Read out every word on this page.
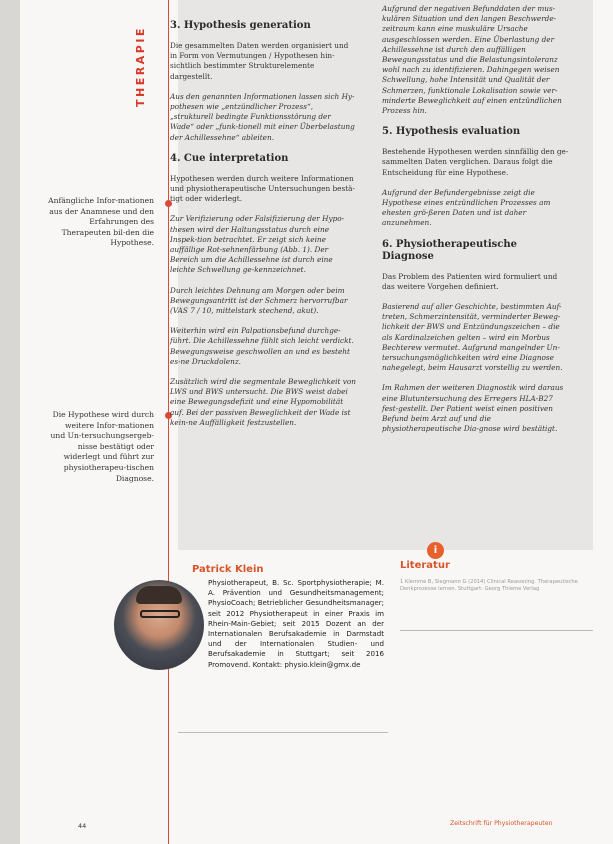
THERAPIE
Anfängliche Infor-mationen aus der Anamnese und den Erfahrungen des Therapeuten bil-den die Hypothese.
Die Hypothese wird durch weitere Infor-mationen und Un-tersuchungsergeb-nisse bestätigt oder widerlegt und führt zur physiotherapeu-tischen Diagnose.
3. Hypothesis generation

Die gesammelten Daten werden organisiert und in Form von Vermutungen / Hypothesen hin-sichtlich bestimmter Strukturelemente dargestellt.

Aus den genannten Informationen lassen sich Hy-pothesen wie „entzündlicher Prozess“, „strukturell bedingte Funktionsstörung der Wade“ oder „funk-tionell mit einer Überbelastung der Achillessehne“ ableiten.

4. Cue interpretation

Hypothesen werden durch weitere Informationen und physiotherapeutische Untersuchungen bestä-tigt oder widerlegt.

Zur Verifizierung oder Falsifizierung der Hypo-thesen wird der Haltungsstatus durch eine Inspek-tion betrachtet. Er zeigt sich keine auffällige Rot-sehnenfärbung (Abb. 1). Der Bereich um die Achillessehne ist durch eine leichte Schwellung ge-kennzeichnet.

Durch leichtes Dehnung am Morgen oder beim Bewegungsantritt ist der Schmerz hervorrufbar (VAS 7 / 10, mittelstark stechend, akut).

Weiterhin wird ein Palpationsbefund durchge-führt. Die Achillessehne fühlt sich leicht verdickt. Bewegungsweise geschwollen an und es besteht es-ne Druckdolenz.

Zusätzlich wird die segmentale Beweglichkeit von LWS und BWS untersucht. Die BWS weist dabei eine Bewegungsdefizit und eine Hypomobilität auf. Bei der passiven Beweglichkeit der Wade ist kein-ne Auffälligkeit festzustellen.

Aufgrund der negativen Befunddaten der mus-kulären Situation und den langen Beschwerde-zeitraum kann eine muskuläre Ursache ausgeschlossen werden. Eine Überlastung der Achillessehne ist durch den auffälligen Bewegungsstatus und die Belastungsintoleranz wohl nach zu identifizieren. Dahingegen weisen Schwellung, hohe Intensität und Qualität der Schmerzen, funktionale Lokalisation sowie ver-minderte Beweglichkeit auf einen entzündlichen Prozess hin.

5. Hypothesis evaluation

Bestehende Hypothesen werden sinnfällig den ge-sammelten Daten verglichen. Daraus folgt die Entscheidung für eine Hypothese.

Aufgrund der Befundergebnisse zeigt die Hypothese eines entzündlichen Prozesses am ehesten grö-ßeren Daten und ist daher anzunehmen.

6. Physiotherapeutische Diagnose

Das Problem des Patienten wird formuliert und das weitere Vorgehen definiert.

Basierend auf aller Geschichte, bestimmten Auf-treten, Schmerzintensität, verminderter Beweg-lichkeit der BWS und Entzündungszeichen – die als Kardinalzeichen gelten – wird ein Morbus Bechterew vermutet. Aufgrund mangelnder Un-tersuchungsmöglichkeiten wird eine Diagnose nahegelegt, beim Hausarzt vorstellig zu werden.

Im Rahmen der weiteren Diagnostik wird daraus eine Blutuntersuchung des Erregers HLA-B27 fest-gestellt. Der Patient weist einen positiven Befund beim Arzt auf und die physiotherapeutische Dia-gnose wird bestätigt.

i
Patrick Klein
Physiotherapeut, B. Sc. Sportphysiotherapie; M. A. Prävention und Gesundheitsmanagement; PhysioCoach; Betrieblicher Gesundheitsmanager; seit 2012 Physiotherapeut in einer Praxis im Rhein-Main-Gebiet; seit 2015 Dozent an der Internationalen Berufsakademie in Darmstadt und der Internationalen Studien- und Berufsakademie in Stuttgart; seit 2016 Promovend. Kontakt: physio.klein@gmx.de
Literatur
1 Klemme B, Siegmann G (2014) Clinical Reasoning. Therapeutische Denkprozesse lernen. Stuttgart: Georg Thieme Verlag
44	Zeitschrift für Physiotherapeuten
